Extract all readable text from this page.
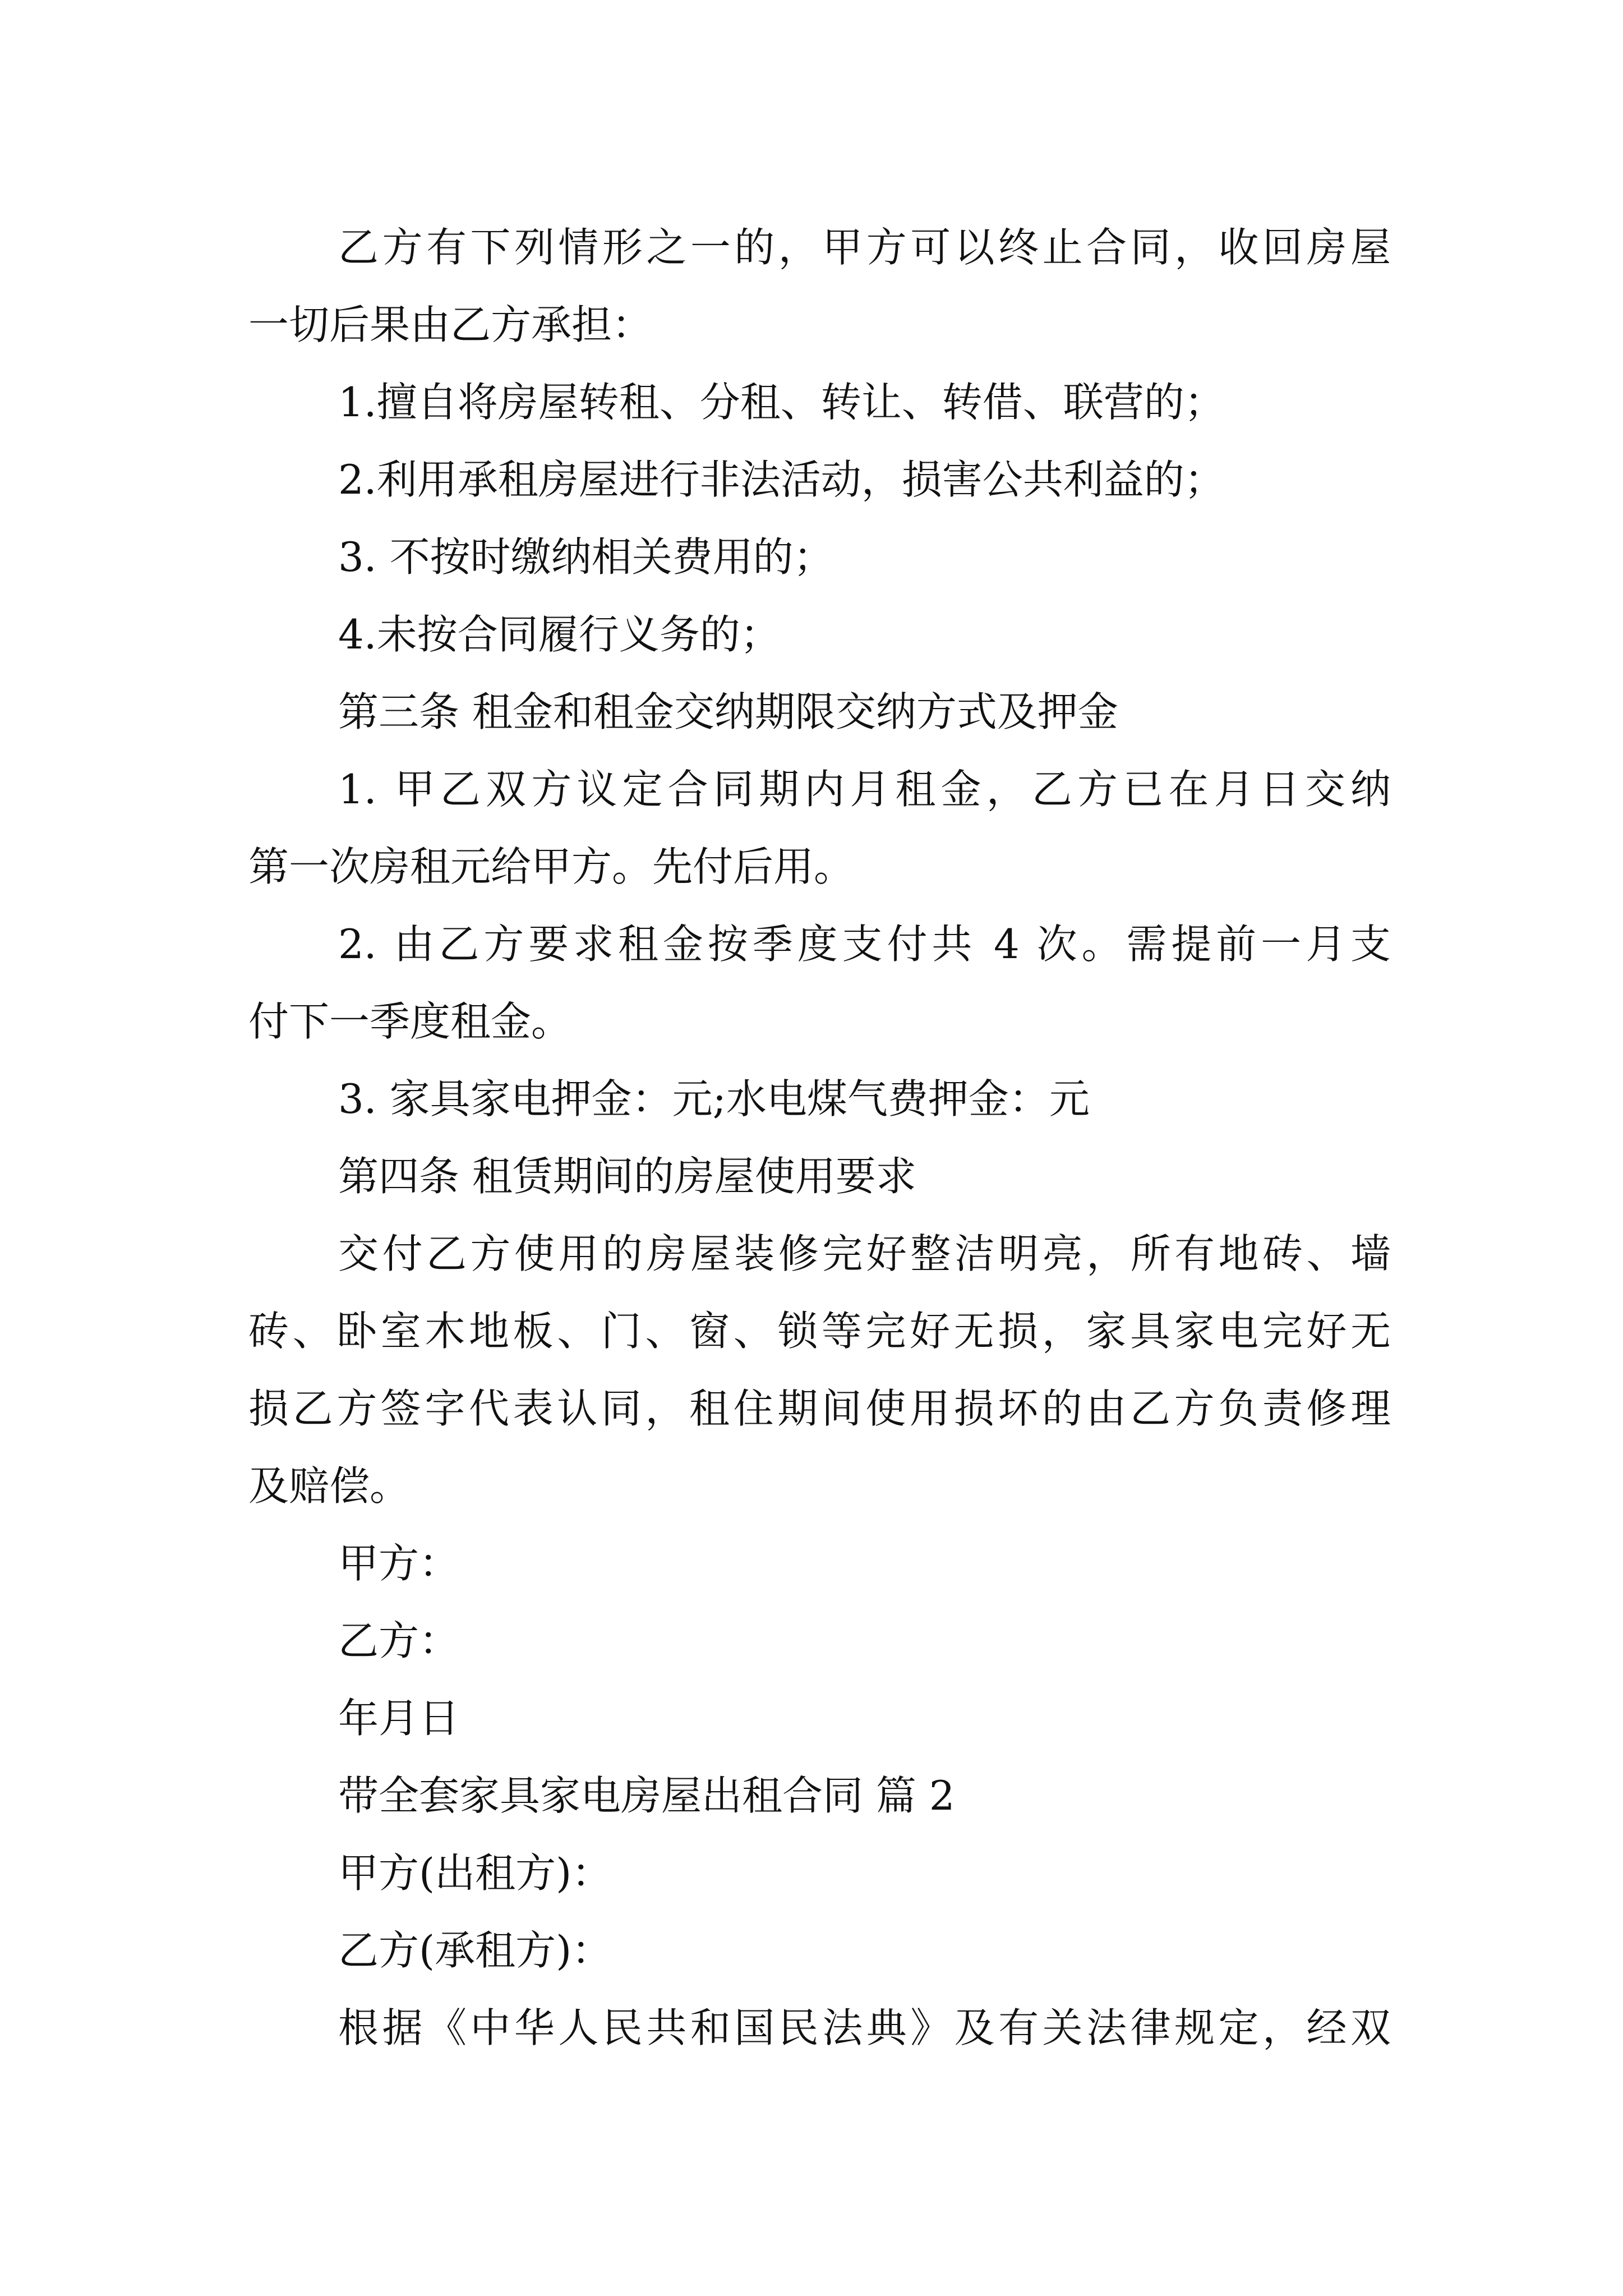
乙方有下列情形之一的，甲方可以终止合同，收回房屋
一切后果由乙方承担：
1.擅自将房屋转租、分租、转让、转借、联营的；
2.利用承租房屋进行非法活动，损害公共利益的；
3. 不按时缴纳相关费用的；
4.未按合同履行义务的；
第三条 租金和租金交纳期限交纳方式及押金
1. 甲乙双方议定合同期内月租金，乙方已在月日交纳
第一次房租元给甲方。先付后用。
2. 由乙方要求租金按季度支付共 4 次。需提前一月支
付下一季度租金。
3. 家具家电押金：元;水电煤气费押金：元
第四条 租赁期间的房屋使用要求
交付乙方使用的房屋装修完好整洁明亮，所有地砖、墙
砖、卧室木地板、门、窗、锁等完好无损，家具家电完好无
损乙方签字代表认同，租住期间使用损坏的由乙方负责修理
及赔偿。
甲方：
乙方：
年月日
带全套家具家电房屋出租合同 篇 2
甲方(出租方)：
乙方(承租方)：
根据《中华人民共和国民法典》及有关法律规定，经双
